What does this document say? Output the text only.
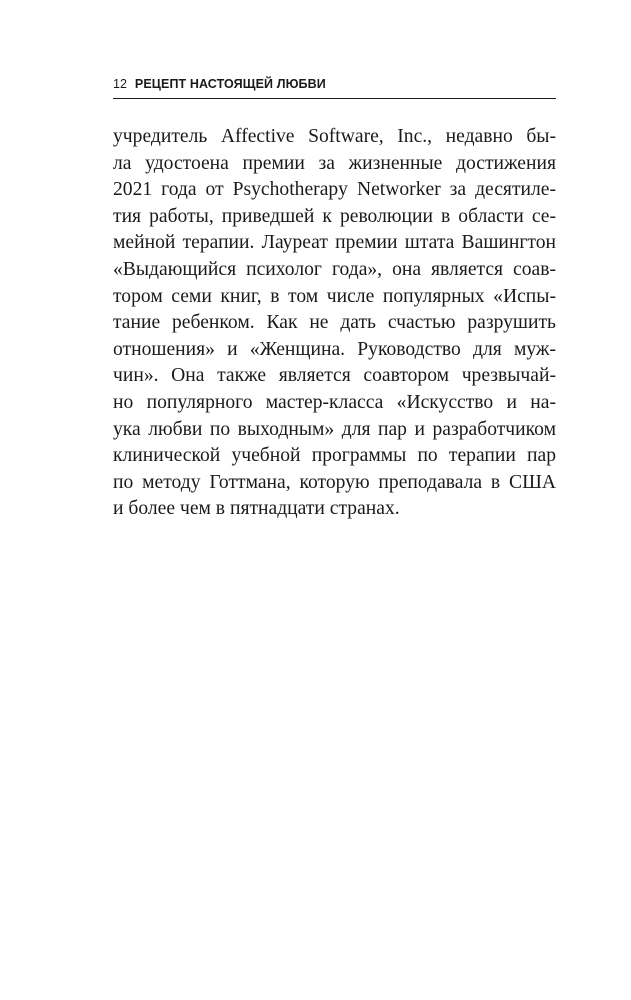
12 РЕЦЕПТ НАСТОЯЩЕЙ ЛЮБВИ
учредитель Affective Software, Inc., недавно бы-
ла удостоена премии за жизненные достижения
2021 года от Psychotherapy Networker за десятиле-
тия работы, приведшей к революции в области се-
мейной терапии. Лауреат премии штата Вашингтон
«Выдающийся психолог года», она является соав-
тором семи книг, в том числе популярных «Испы-
тание ребенком. Как не дать счастью разрушить
отношения» и «Женщина. Руководство для муж-
чин». Она также является соавтором чрезвычай-
но популярного мастер-класса «Искусство и на-
ука любви по выходным» для пар и разработчиком
клинической учебной программы по терапии пар
по методу Готтмана, которую преподавала в США
и более чем в пятнадцати странах.
